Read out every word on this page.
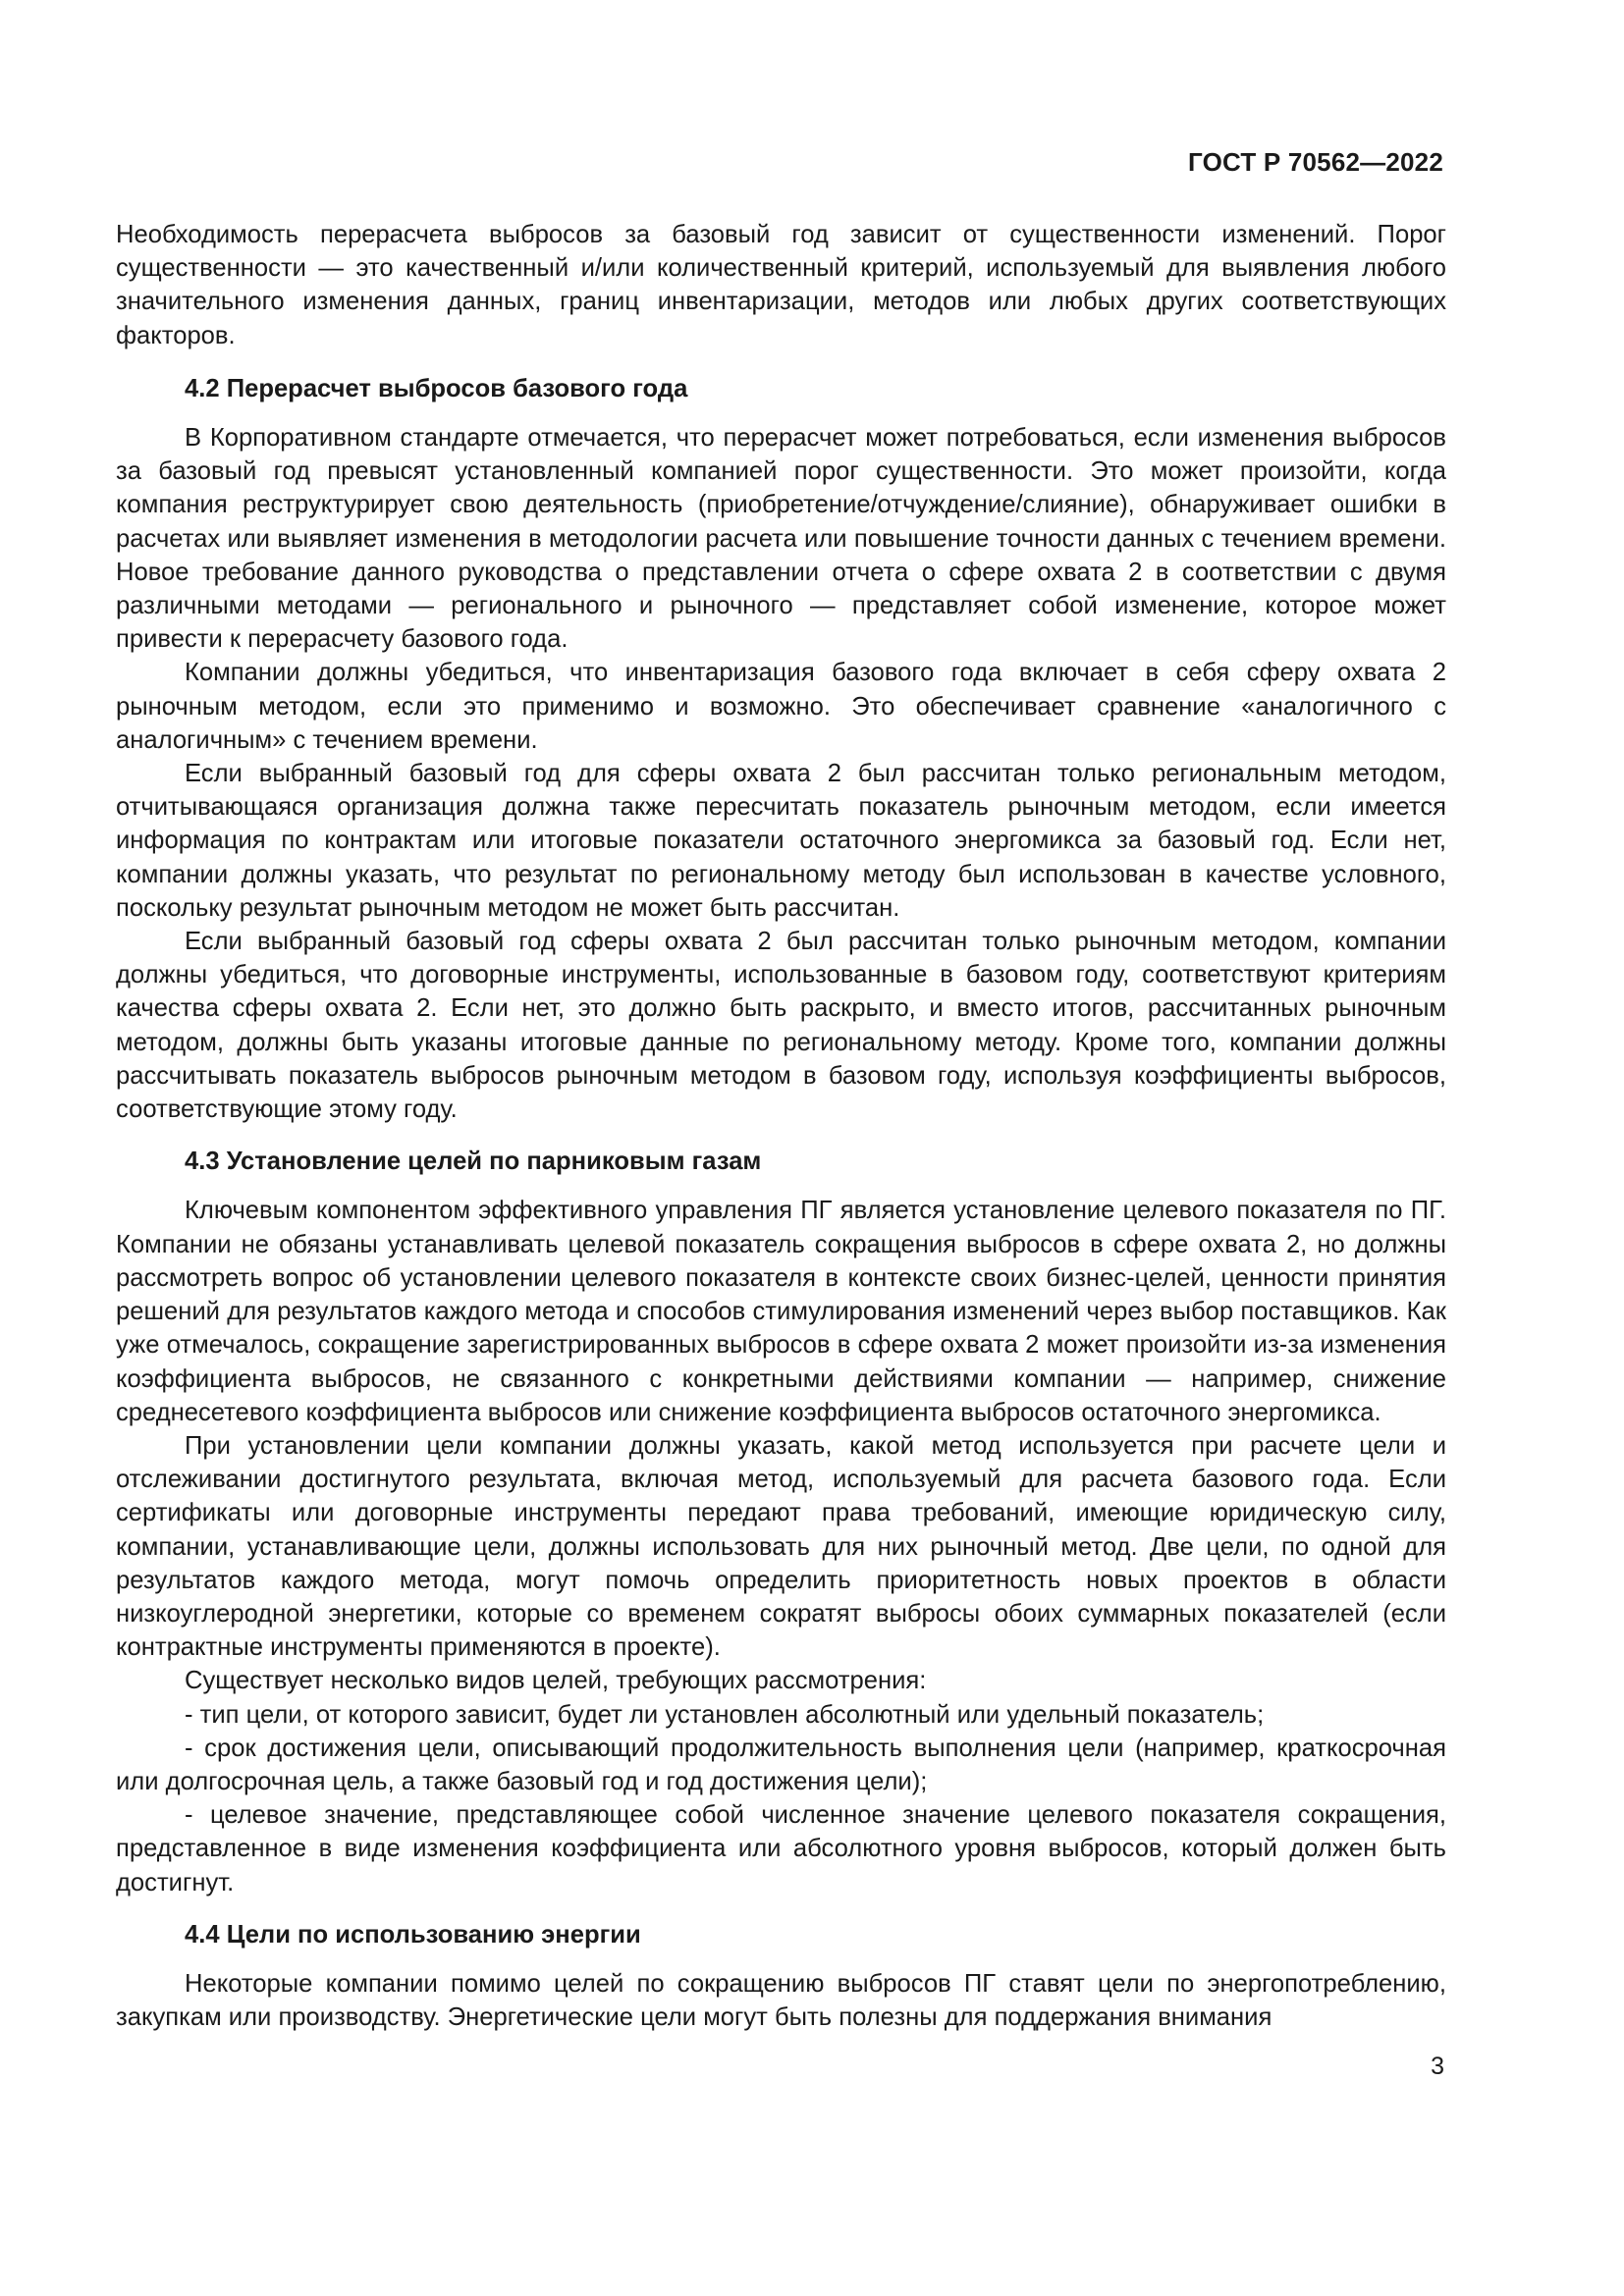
ГОСТ Р 70562—2022

Необходимость перерасчета выбросов за базовый год зависит от существенности изменений. Порог существенности — это качественный и/или количественный критерий, используемый для выявления любого значительного изменения данных, границ инвентаризации, методов или любых других соответствующих факторов.

4.2 Перерасчет выбросов базового года

В Корпоративном стандарте отмечается, что перерасчет может потребоваться, если изменения выбросов за базовый год превысят установленный компанией порог существенности. Это может произойти, когда компания реструктурирует свою деятельность (приобретение/отчуждение/слияние), обнаруживает ошибки в расчетах или выявляет изменения в методологии расчета или повышение точности данных с течением времени. Новое требование данного руководства о представлении отчета о сфере охвата 2 в соответствии с двумя различными методами — регионального и рыночного — представляет собой изменение, которое может привести к перерасчету базового года.

Компании должны убедиться, что инвентаризация базового года включает в себя сферу охвата 2 рыночным методом, если это применимо и возможно. Это обеспечивает сравнение «аналогичного с аналогичным» с течением времени.

Если выбранный базовый год для сферы охвата 2 был рассчитан только региональным методом, отчитывающаяся организация должна также пересчитать показатель рыночным методом, если имеется информация по контрактам или итоговые показатели остаточного энергомикса за базовый год. Если нет, компании должны указать, что результат по региональному методу был использован в качестве условного, поскольку результат рыночным методом не может быть рассчитан.

Если выбранный базовый год сферы охвата 2 был рассчитан только рыночным методом, компании должны убедиться, что договорные инструменты, использованные в базовом году, соответствуют критериям качества сферы охвата 2. Если нет, это должно быть раскрыто, и вместо итогов, рассчитанных рыночным методом, должны быть указаны итоговые данные по региональному методу. Кроме того, компании должны рассчитывать показатель выбросов рыночным методом в базовом году, используя коэффициенты выбросов, соответствующие этому году.

4.3 Установление целей по парниковым газам

Ключевым компонентом эффективного управления ПГ является установление целевого показателя по ПГ. Компании не обязаны устанавливать целевой показатель сокращения выбросов в сфере охвата 2, но должны рассмотреть вопрос об установлении целевого показателя в контексте своих бизнес-целей, ценности принятия решений для результатов каждого метода и способов стимулирования изменений через выбор поставщиков. Как уже отмечалось, сокращение зарегистрированных выбросов в сфере охвата 2 может произойти из-за изменения коэффициента выбросов, не связанного с конкретными действиями компании — например, снижение среднесетевого коэффициента выбросов или снижение коэффициента выбросов остаточного энергомикса.

При установлении цели компании должны указать, какой метод используется при расчете цели и отслеживании достигнутого результата, включая метод, используемый для расчета базового года. Если сертификаты или договорные инструменты передают права требований, имеющие юридическую силу, компании, устанавливающие цели, должны использовать для них рыночный метод. Две цели, по одной для результатов каждого метода, могут помочь определить приоритетность новых проектов в области низкоуглеродной энергетики, которые со временем сократят выбросы обоих суммарных показателей (если контрактные инструменты применяются в проекте).

Существует несколько видов целей, требующих рассмотрения:

- тип цели, от которого зависит, будет ли установлен абсолютный или удельный показатель;

- срок достижения цели, описывающий продолжительность выполнения цели (например, краткосрочная или долгосрочная цель, а также базовый год и год достижения цели);

- целевое значение, представляющее собой численное значение целевого показателя сокращения, представленное в виде изменения коэффициента или абсолютного уровня выбросов, который должен быть достигнут.

4.4 Цели по использованию энергии

Некоторые компании помимо целей по сокращению выбросов ПГ ставят цели по энергопотреблению, закупкам или производству. Энергетические цели могут быть полезны для поддержания внимания

3
